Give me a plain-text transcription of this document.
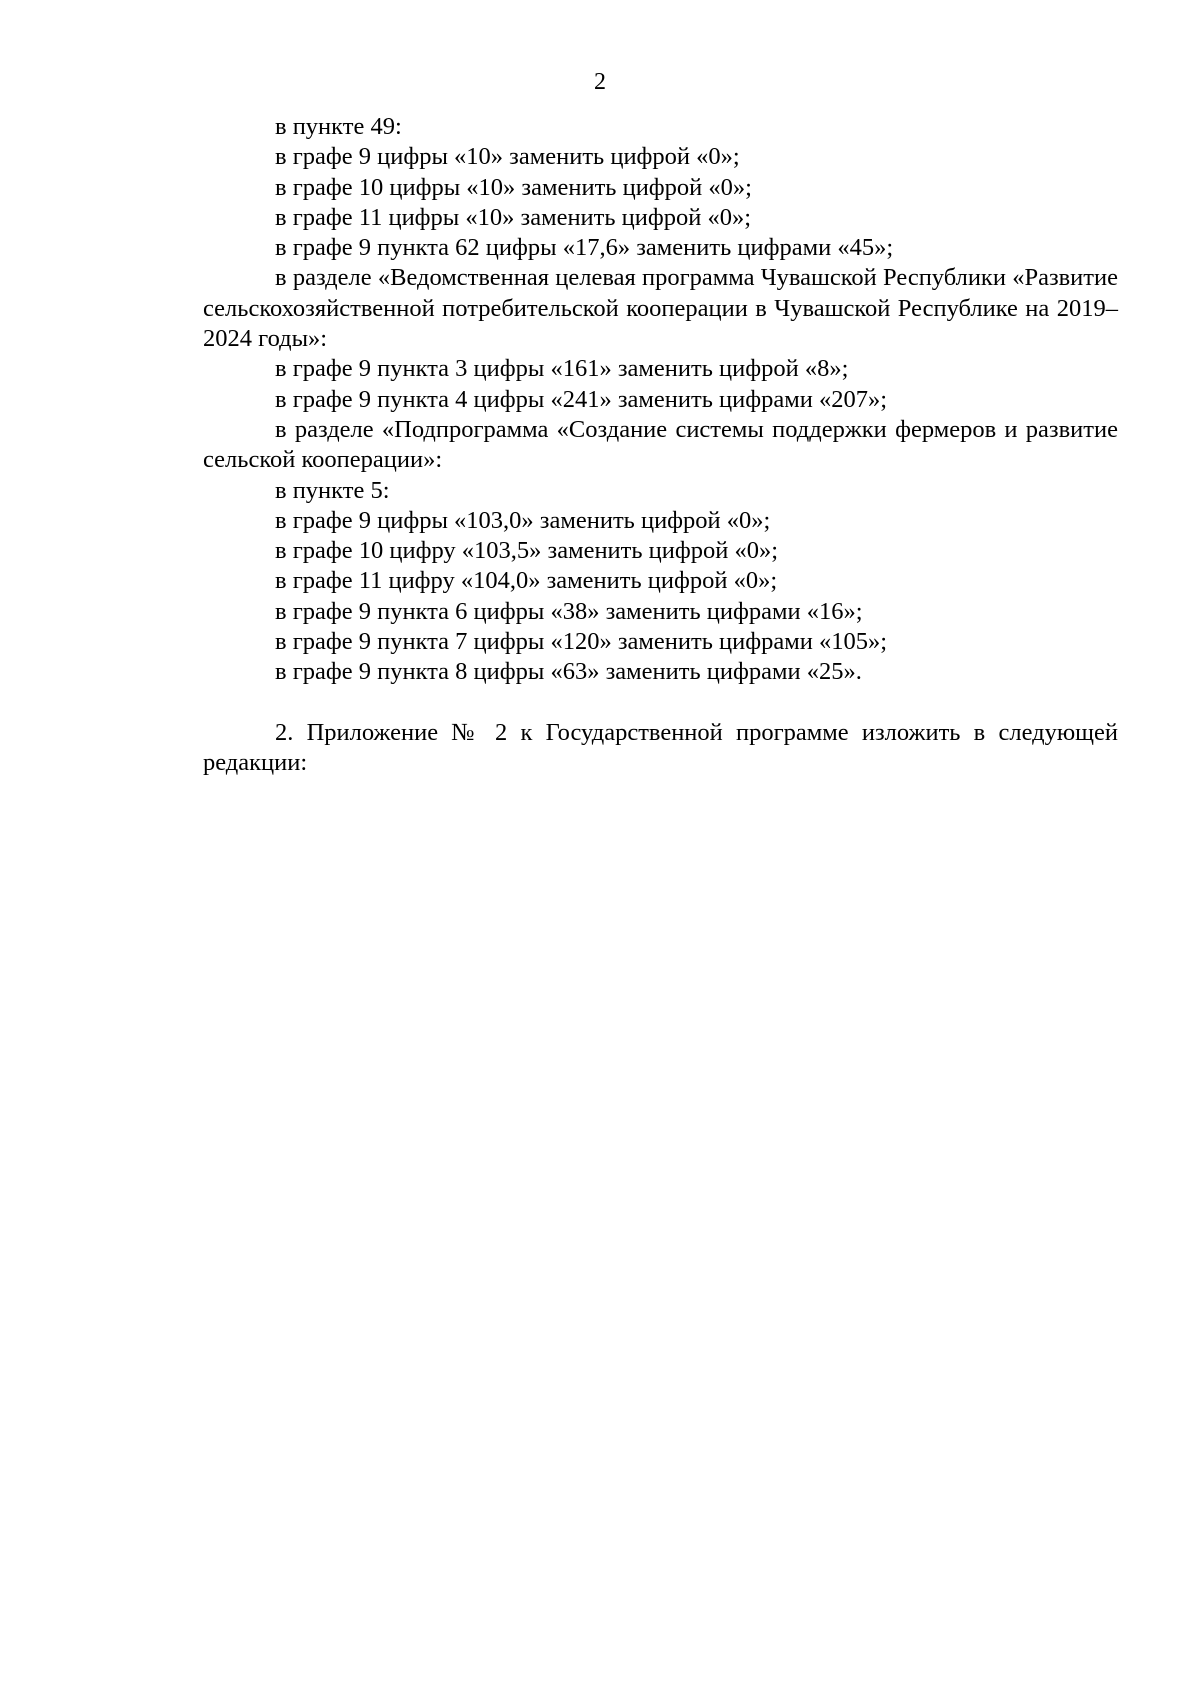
2

в пункте 49:

в графе 9 цифры «10» заменить цифрой «0»;

в графе 10 цифры «10» заменить цифрой «0»;

в графе 11 цифры «10» заменить цифрой «0»;

в графе 9 пункта 62 цифры «17,6» заменить цифрами «45»;

в разделе «Ведомственная целевая программа Чувашской Республики «Развитие сельскохозяйственной потребительской кооперации в Чувашской Республике на 2019–2024 годы»:

в графе 9 пункта 3 цифры «161» заменить цифрой «8»;

в графе 9 пункта 4 цифры «241» заменить цифрами «207»;

в разделе «Подпрограмма «Создание системы поддержки фермеров и развитие сельской кооперации»:

в пункте 5:

в графе 9 цифры «103,0» заменить цифрой «0»;

в графе 10 цифру «103,5» заменить цифрой «0»;

в графе 11 цифру «104,0» заменить цифрой «0»;

в графе 9 пункта 6 цифры «38» заменить цифрами «16»;

в графе 9 пункта 7 цифры «120» заменить цифрами «105»;

в графе 9 пункта 8 цифры «63» заменить цифрами «25».

2. Приложение № 2 к Государственной программе изложить в следующей редакции:
